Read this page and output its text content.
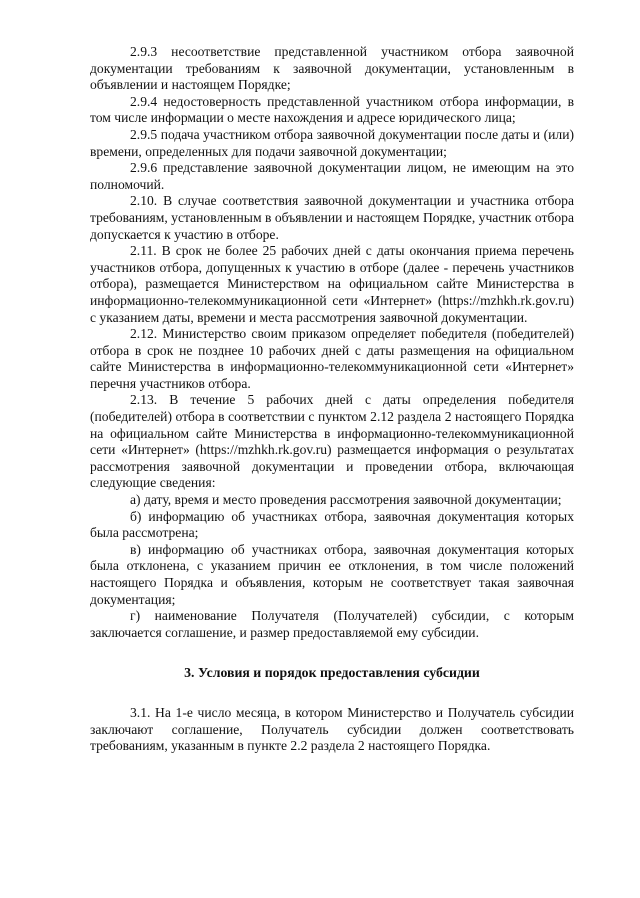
2.9.3 несоответствие представленной участником отбора заявочной документации требованиям к заявочной документации, установленным в объявлении и настоящем Порядке;

2.9.4 недостоверность представленной участником отбора информации, в том числе информации о месте нахождения и адресе юридического лица;

2.9.5 подача участником отбора заявочной документации после даты и (или) времени, определенных для подачи заявочной документации;

2.9.6 представление заявочной документации лицом, не имеющим на это полномочий.

2.10. В случае соответствия заявочной документации и участника отбора требованиям, установленным в объявлении и настоящем Порядке, участник отбора допускается к участию в отборе.

2.11. В срок не более 25 рабочих дней с даты окончания приема перечень участников отбора, допущенных к участию в отборе (далее - перечень участников отбора), размещается Министерством на официальном сайте Министерства в информационно-телекоммуникационной сети «Интернет» (https://mzhkh.rk.gov.ru) с указанием даты, времени и места рассмотрения заявочной документации.

2.12. Министерство своим приказом определяет победителя (победителей) отбора в срок не позднее 10 рабочих дней с даты размещения на официальном сайте Министерства в информационно-телекоммуникационной сети «Интернет» перечня участников отбора.

2.13. В течение 5 рабочих дней с даты определения победителя (победителей) отбора в соответствии с пунктом 2.12 раздела 2 настоящего Порядка на официальном сайте Министерства в информационно-телекоммуникационной сети «Интернет» (https://mzhkh.rk.gov.ru) размещается информация о результатах рассмотрения заявочной документации и проведении отбора, включающая следующие сведения:

а) дату, время и место проведения рассмотрения заявочной документации;

б) информацию об участниках отбора, заявочная документация которых была рассмотрена;

в) информацию об участниках отбора, заявочная документация которых была отклонена, с указанием причин ее отклонения, в том числе положений настоящего Порядка и объявления, которым не соответствует такая заявочная документация;

г) наименование Получателя (Получателей) субсидии, с которым заключается соглашение, и размер предоставляемой ему субсидии.

3. Условия и порядок предоставления субсидии

3.1. На 1-е число месяца, в котором Министерство и Получатель субсидии заключают соглашение, Получатель субсидии должен соответствовать требованиям, указанным в пункте 2.2 раздела 2 настоящего Порядка.
